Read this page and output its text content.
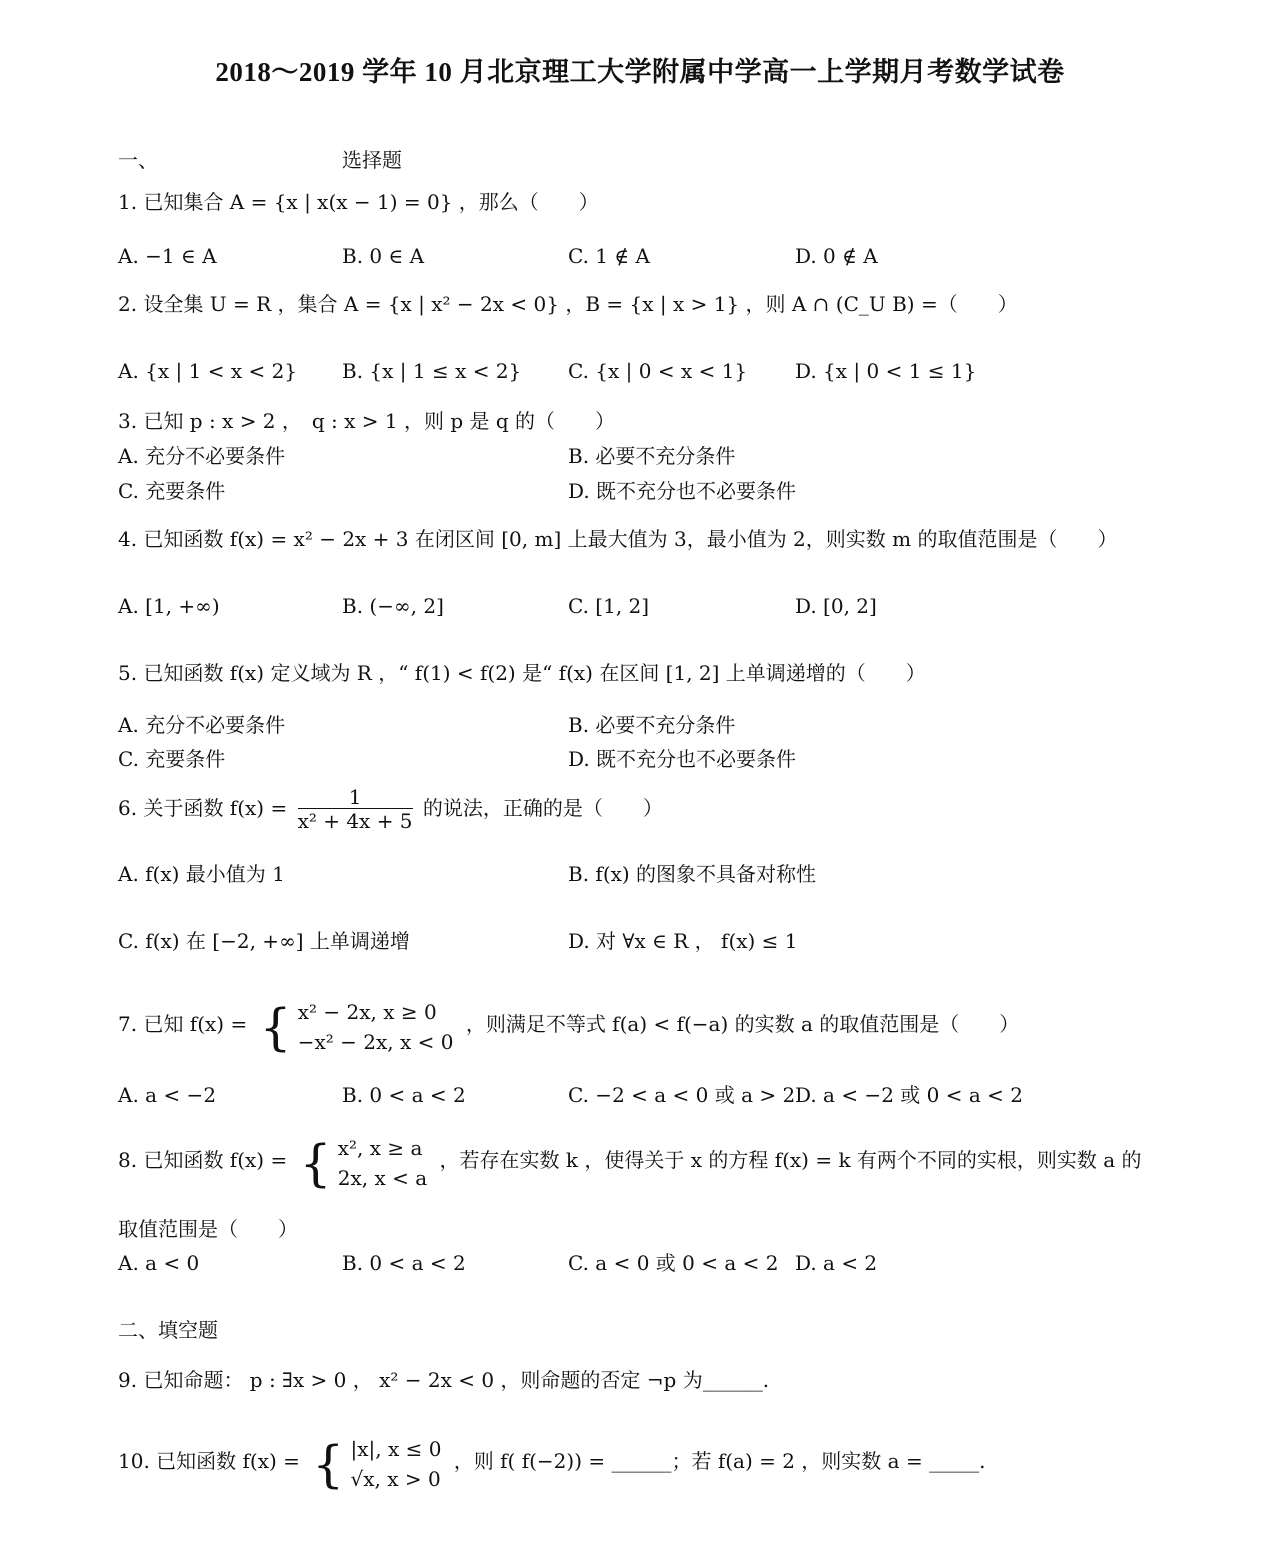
2018～2019 学年 10 月北京理工大学附属中学高一上学期月考数学试卷
一、	选择题
1. 已知集合 A = {x | x(x − 1) = 0} ，那么（　　）
A. −1 ∈ A	B. 0 ∈ A	C. 1 ∉ A	D. 0 ∉ A
2. 设全集 U = R ，集合 A = {x | x² − 2x < 0} ，B = {x | x > 1} ，则 A ∩ (C_U B) =（　　）
A. {x | 1 < x < 2} B. {x | 1 ≤ x < 2} C. {x | 0 < x < 1} D. {x | 0 < 1 ≤ 1}
3. 已知 p : x > 2 ，　q : x > 1 ，则 p 是 q 的（　　）
A. 充分不必要条件	B. 必要不充分条件
C. 充要条件	D. 既不充分也不必要条件
4. 已知函数 f(x) = x² − 2x + 3 在闭区间 [0, m] 上最大值为 3，最小值为 2，则实数 m 的取值范围是（　　）
A. [1, +∞)	B. (−∞, 2]	C. [1, 2]	D. [0, 2]
5. 已知函数 f(x) 定义域为 R ，“ f(1) < f(2) 是“ f(x) 在区间 [1, 2] 上单调递增的（　　）
A. 充分不必要条件	B. 必要不充分条件
C. 充要条件	D. 既不充分也不必要条件
6. 关于函数 $f(x) = \frac{1}{\text{x² + 4x + 5}}$ 的说法，正确的是（　　）
A. f(x) 最小值为 1	B. f(x) 的图象不具备对称性
C. f(x) 在 [−2, +∞] 上单调递增	D. 对 ∀x ∈ R ， f(x) ≤ 1
7. 已知 f(x) = { x² − 2x, x ≥ 0
−x² − 2x, x < 0
，则满足不等式 f(a) < f(−a) 的实数 a 的取值范围是（　　）
A. a < −2	B. 0 < a < 2	C. −2 < a < 0 或 a > 2 D. a < −2 或 0 < a < 2
8. 已知函数 f(x) = { x², x ≥ a
2x, x < a
，若存在实数 k ，使得关于 x 的方程 f(x) = k 有两个不同的实根，则实数 a 的
取值范围是（　　）
A. a < 0	B. 0 < a < 2	C. a < 0 或 0 < a < 2 D. a < 2
二、填空题
9. 已知命题： p : ∃x > 0 ， x² − 2x < 0 ，则命题的否定 ¬p 为______.
10. 已知函数 f(x) = { |x|, x ≤ 0
√x, x > 0
，则 f( f(−2)) = ______；若 f(a) = 2 ，则实数 a = _____.
